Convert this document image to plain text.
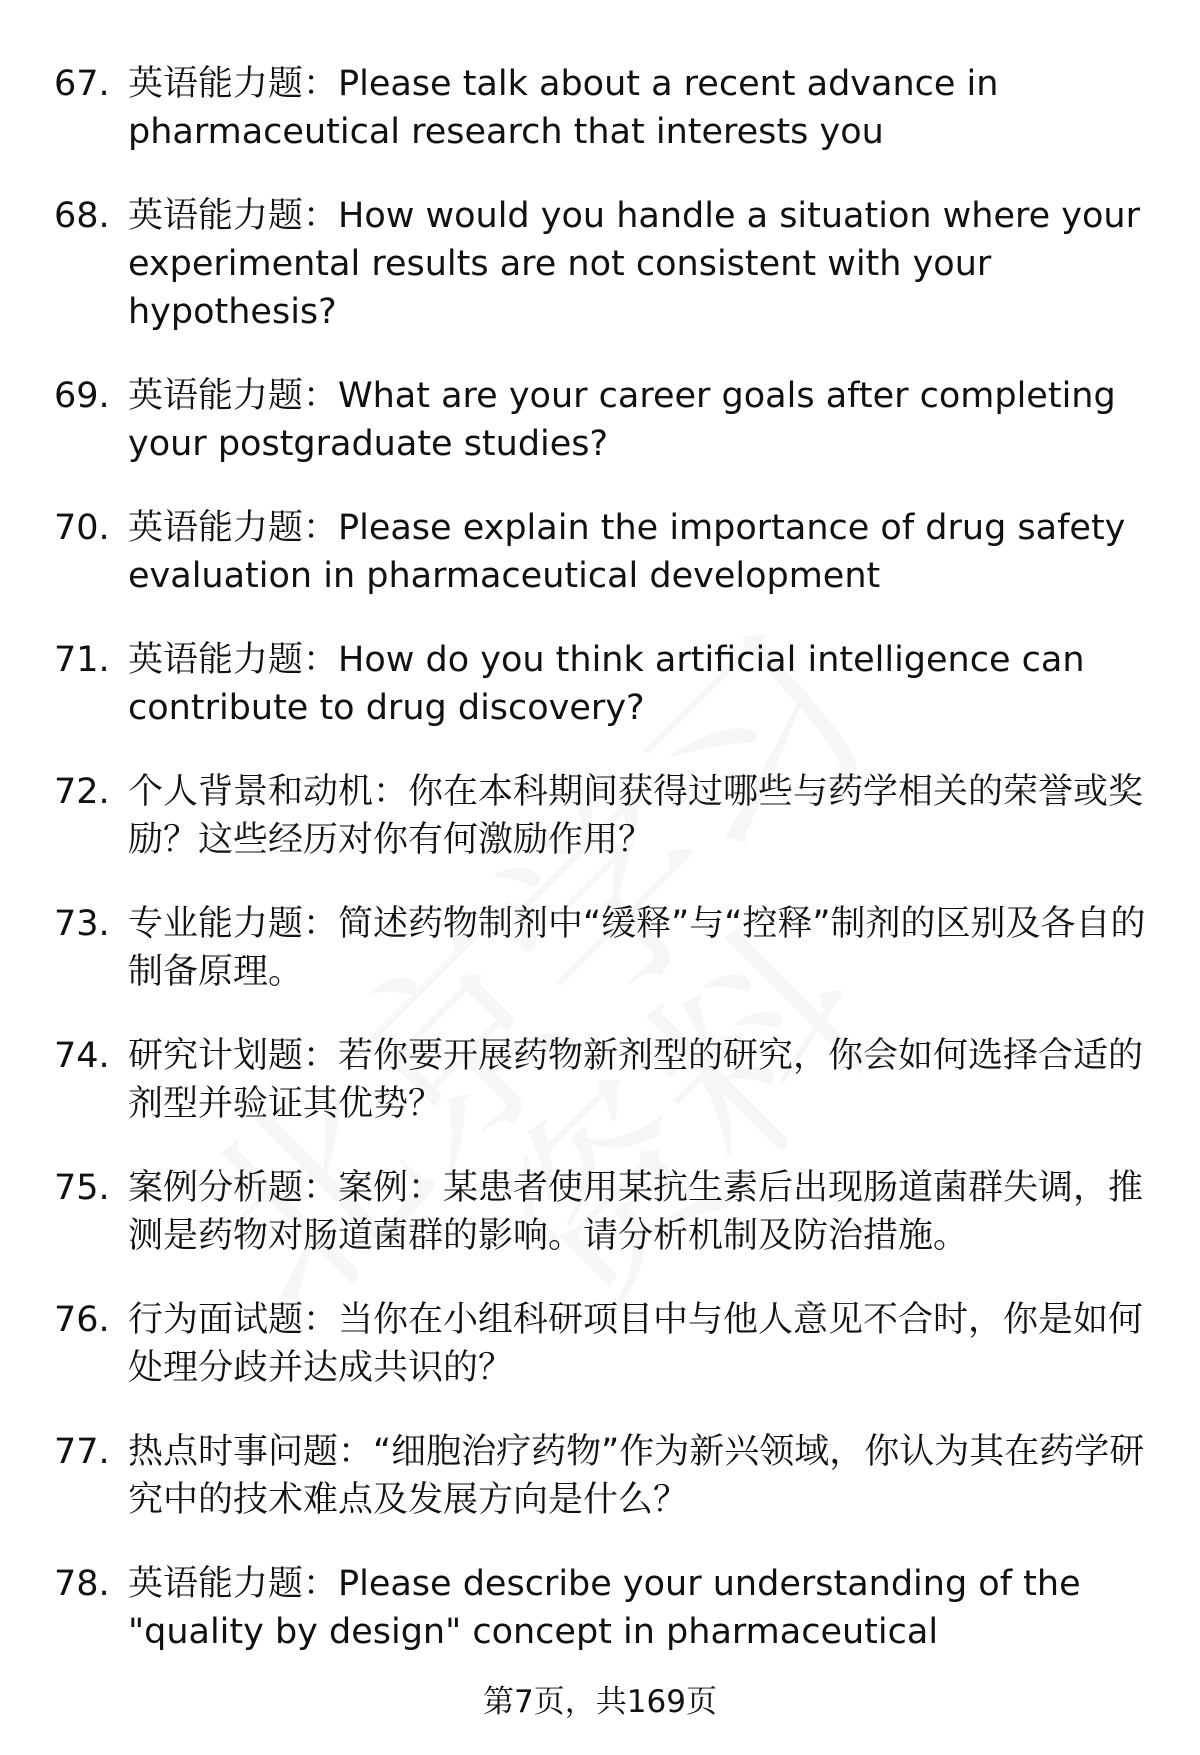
67. 英语能力题：Please talk about a recent advance in pharmaceutical research that interests you
68. 英语能力题：How would you handle a situation where your experimental results are not consistent with your hypothesis?
69. 英语能力题：What are your career goals after completing your postgraduate studies?
70. 英语能力题：Please explain the importance of drug safety evaluation in pharmaceutical development
71. 英语能力题：How do you think artificial intelligence can contribute to drug discovery?
72. 个人背景和动机：你在本科期间获得过哪些与药学相关的荣誉或奖励？这些经历对你有何激励作用？
73. 专业能力题：简述药物制剂中“缓释”与“控释”制剂的区别及各自的制备原理。
74. 研究计划题：若你要开展药物新剂型的研究，你会如何选择合适的剂型并验证其优势？
75. 案例分析题：案例：某患者使用某抗生素后出现肠道菌群失调，推测是药物对肠道菌群的影响。请分析机制及防治措施。
76. 行为面试题：当你在小组科研项目中与他人意见不合时，你是如何处理分歧并达成共识的？
77. 热点时事问题：“细胞治疗药物”作为新兴领域，你认为其在药学研究中的技术难点及发展方向是什么？
78. 英语能力题：Please describe your understanding of the "quality by design" concept in pharmaceutical
第7页，共169页
